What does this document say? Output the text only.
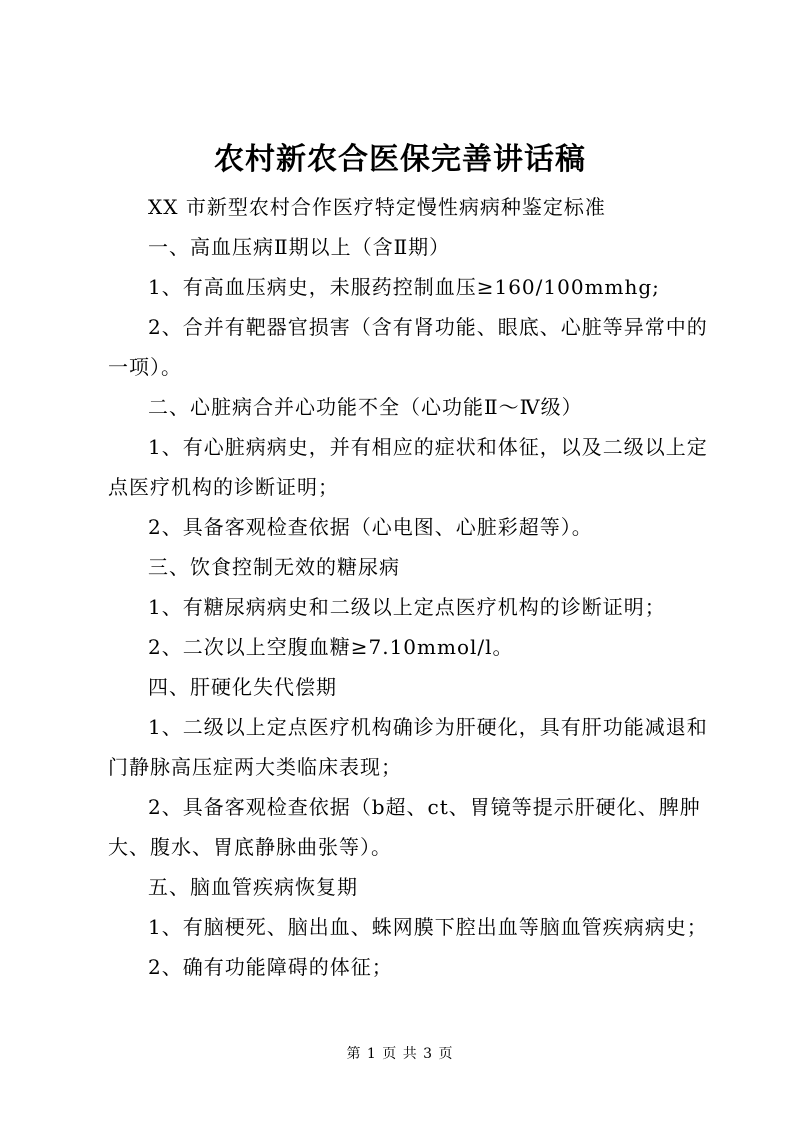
农村新农合医保完善讲话稿

XX 市新型农村合作医疗特定慢性病病种鉴定标准

一、高血压病Ⅱ期以上（含Ⅱ期）

1、有高血压病史，未服药控制血压≥160/100mmhg;

2、合并有靶器官损害（含有肾功能、眼底、心脏等异常中的一项）。

二、心脏病合并心功能不全（心功能Ⅱ～Ⅳ级）

1、有心脏病病史，并有相应的症状和体征，以及二级以上定点医疗机构的诊断证明；

2、具备客观检查依据（心电图、心脏彩超等）。

三、饮食控制无效的糖尿病

1、有糖尿病病史和二级以上定点医疗机构的诊断证明；

2、二次以上空腹血糖≥7.10mmol/l。

四、肝硬化失代偿期

1、二级以上定点医疗机构确诊为肝硬化，具有肝功能减退和门静脉高压症两大类临床表现；

2、具备客观检查依据（b超、ct、胃镜等提示肝硬化、脾肿大、腹水、胃底静脉曲张等）。

五、脑血管疾病恢复期

1、有脑梗死、脑出血、蛛网膜下腔出血等脑血管疾病病史；

2、确有功能障碍的体征；

第 1 页 共 3 页
